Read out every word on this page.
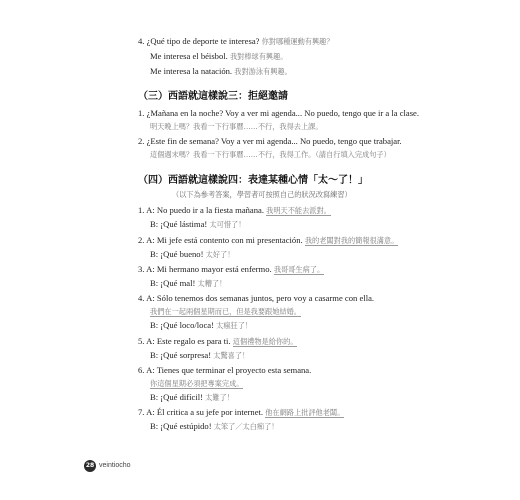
4. ¿Qué tipo de deporte te interesa? 你對哪種運動有興趣？
Me interesa el béisbol. 我對棒球有興趣。
Me interesa la natación. 我對游泳有興趣。
（三）西語就這樣說三：拒絕邀請
1. ¿Mañana en la noche? Voy a ver mi agenda... No puedo, tengo que ir a la clase.
明天晚上嗎？我看一下行事曆……不行，我得去上課。
2. ¿Este fin de semana? Voy a ver mi agenda... No puedo, tengo que trabajar.
這個週末嗎？我看一下行事曆……不行，我得工作。（請自行填入完成句子）
（四）西語就這樣說四：表達某種心情「太～了！」
（以下為參考答案，學習者可按照自己的狀況改寫練習）
1. A: No puedo ir a la fiesta mañana. 我明天不能去派對。
B: ¡Qué lástima! 太可惜了！
2. A: Mi jefe está contento con mi presentación. 我的老闆對我的簡報很滿意。
B: ¡Qué bueno! 太好了！
3. A: Mi hermano mayor está enfermo. 我哥哥生病了。
B: ¡Qué mal! 太糟了！
4. A: Sólo tenemos dos semanas juntos, pero voy a casarme con ella.
我們在一起兩個星期而已，但是我要跟她結婚。
B: ¡Qué loco/loca! 太瘋狂了！
5. A: Este regalo es para ti. 這個禮物是給你的。
B: ¡Qué sorpresa! 太驚喜了！
6. A: Tienes que terminar el proyecto esta semana.
你這個星期必須把專案完成。
B: ¡Qué difícil! 太難了！
7. A: Él critica a su jefe por internet. 他在網路上批評他老闆。
B: ¡Qué estúpido! 太笨了／太白痴了！
28 veintiocho
